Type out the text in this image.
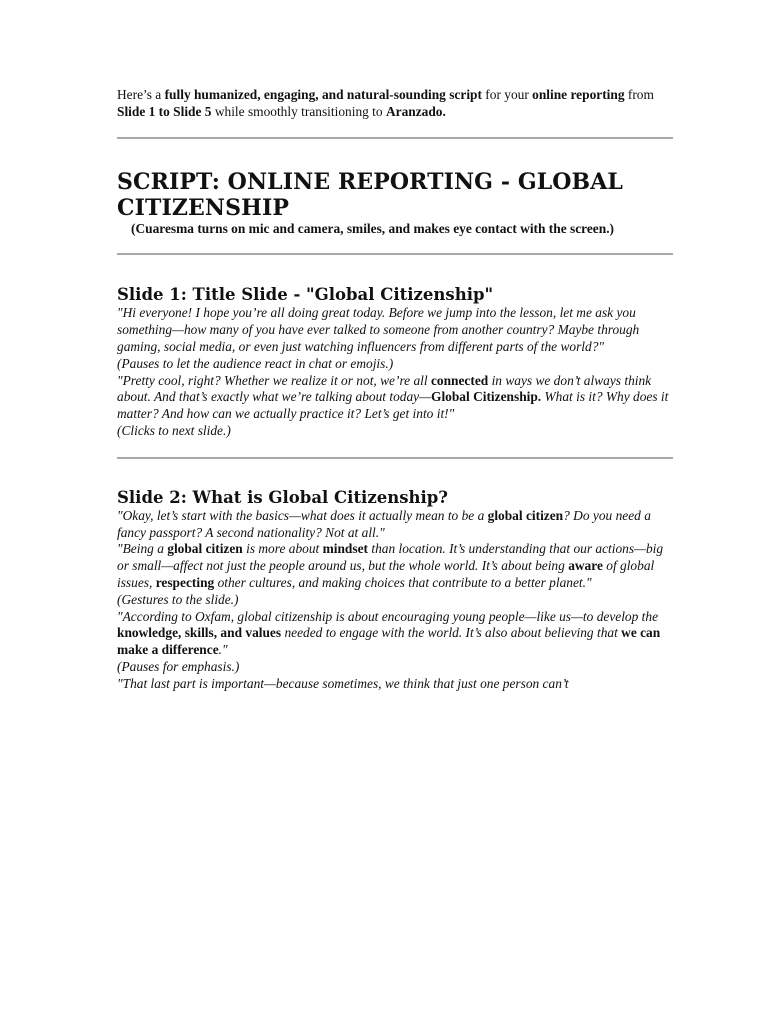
Here’s a fully humanized, engaging, and natural-sounding script for your online reporting from Slide 1 to Slide 5 while smoothly transitioning to Aranzado.

SCRIPT: ONLINE REPORTING - GLOBAL CITIZENSHIP

(Cuaresma turns on mic and camera, smiles, and makes eye contact with the screen.)

Slide 1: Title Slide - "Global Citizenship"

"Hi everyone! I hope you’re all doing great today. Before we jump into the lesson, let me ask you something—how many of you have ever talked to someone from another country? Maybe through gaming, social media, or even just watching influencers from different parts of the world?"

(Pauses to let the audience react in chat or emojis.)

"Pretty cool, right? Whether we realize it or not, we’re all connected in ways we don’t always think about. And that’s exactly what we’re talking about today—Global Citizenship. What is it? Why does it matter? And how can we actually practice it? Let’s get into it!"

(Clicks to next slide.)

Slide 2: What is Global Citizenship?

"Okay, let’s start with the basics—what does it actually mean to be a global citizen? Do you need a fancy passport? A second nationality? Not at all."

"Being a global citizen is more about mindset than location. It’s understanding that our actions—big or small—affect not just the people around us, but the whole world. It’s about being aware of global issues, respecting other cultures, and making choices that contribute to a better planet."

(Gestures to the slide.)

"According to Oxfam, global citizenship is about encouraging young people—like us—to develop the knowledge, skills, and values needed to engage with the world. It’s also about believing that we can make a difference."

(Pauses for emphasis.)

"That last part is important—because sometimes, we think that just one person can’t
